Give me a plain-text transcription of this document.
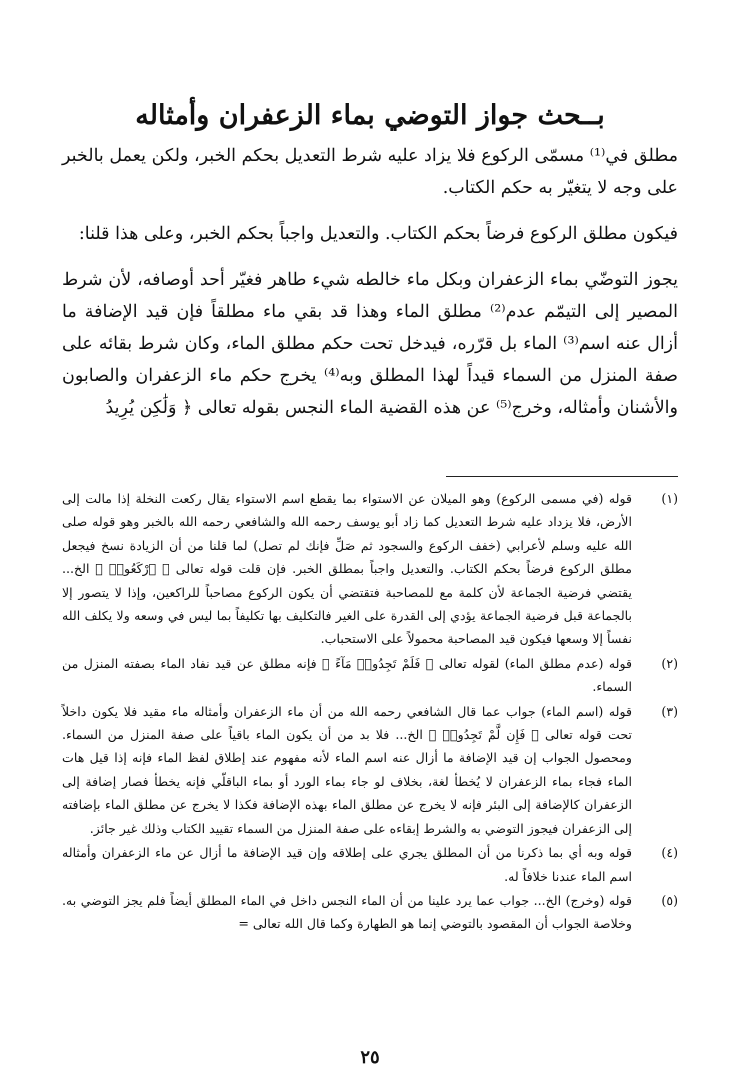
بــحث جواز التوضي بماء الزعفران وأمثاله

مطلق في⁽¹⁾ مسمّى الركوع فلا يزاد عليه شرط التعديل بحكم الخبر، ولكن يعمل بالخبر على وجه لا يتغيّر به حكم الكتاب.

فيكون مطلق الركوع فرضاً بحكم الكتاب. والتعديل واجباً بحكم الخبر، وعلى هذا قلنا:

يجوز التوضّي بماء الزعفران وبكل ماء خالطه شيء طاهر فغيّر أحد أوصافه، لأن شرط المصير إلى التيمّم عدم⁽²⁾ مطلق الماء وهذا قد بقي ماء مطلقاً فإن قيد الإضافة ما أزال عنه اسم⁽³⁾ الماء بل قرّره، فيدخل تحت حكم مطلق الماء، وكان شرط بقائه على صفة المنزل من السماء قيداً لهذا المطلق وبه⁽⁴⁾ يخرج حكم ماء الزعفران والصابون والأشنان وأمثاله، وخرج⁽⁵⁾ عن هذه القضية الماء النجس بقوله تعالى ﴿ وَلَٰكِن يُرِيدُ

(١)
قوله (في مسمى الركوع) وهو الميلان عن الاستواء بما يقطع اسم الاستواء يقال ركعت النخلة إذا مالت إلى الأرض، فلا يزداد عليه شرط التعديل كما زاد أبو يوسف رحمه الله والشافعي رحمه الله بالخبر وهو قوله صلى الله عليه وسلم لأعرابي (خفف الركوع والسجود ثم صَلِّ فإنك لم تصل) لما قلنا من أن الزيادة نسخ فيجعل مطلق الركوع فرضاً بحكم الكتاب. والتعديل واجباً بمطلق الخبر. فإن قلت قوله تعالى ﴿ ٱرْكَعُوا۟ ﴾ الخ... يقتضي فرضية الجماعة لأن كلمة مع للمصاحبة فتقتضي أن يكون الركوع مصاحباً للراكعين، وإذا لا يتصور إلا بالجماعة قبل فرضية الجماعة يؤدي إلى القدرة على الغير فالتكليف بها تكليفاً بما ليس في وسعه ولا يكلف الله نفساً إلا وسعها فيكون قيد المصاحبة محمولاً على الاستحباب.
(٢)
قوله (عدم مطلق الماء) لقوله تعالى ﴿ فَلَمْ تَجِدُوا۟ مَآءً ﴾ فإنه مطلق عن قيد نفاد الماء بصفته المنزل من السماء.
(٣)
قوله (اسم الماء) جواب عما قال الشافعي رحمه الله من أن ماء الزعفران وأمثاله ماء مقيد فلا يكون داخلاً تحت قوله تعالى ﴿ فَإِن لَّمْ تَجِدُوا۟ ﴾ الخ... فلا بد من أن يكون الماء باقياً على صفة المنزل من السماء. ومحصول الجواب إن قيد الإضافة ما أزال عنه اسم الماء لأنه مفهوم عند إطلاق لفظ الماء فإنه إذا قيل هات الماء فجاء بماء الزعفران لا يُخطأ لغة، بخلاف لو جاء بماء الورد أو بماء الباقلّي فإنه يخطأ فصار إضافة إلى الزعفران كالإضافة إلى البئر فإنه لا يخرج عن مطلق الماء بهذه الإضافة فكذا لا يخرج عن مطلق الماء بإضافته إلى الزعفران فيجوز التوضي به والشرط إبقاءه على صفة المنزل من السماء تقييد الكتاب وذلك غير جائز.
(٤)
قوله وبه أي بما ذكرنا من أن المطلق يجري على إطلاقه وإن قيد الإضافة ما أزال عن ماء الزعفران وأمثاله اسم الماء عندنا خلافاً له.
(٥)
قوله (وخرج) الخ... جواب عما يرد علينا من أن الماء النجس داخل في الماء المطلق أيضاً فلم يجز التوضي به. وخلاصة الجواب أن المقصود بالتوضي إنما هو الطهارة وكما قال الله تعالى =
٢٥
